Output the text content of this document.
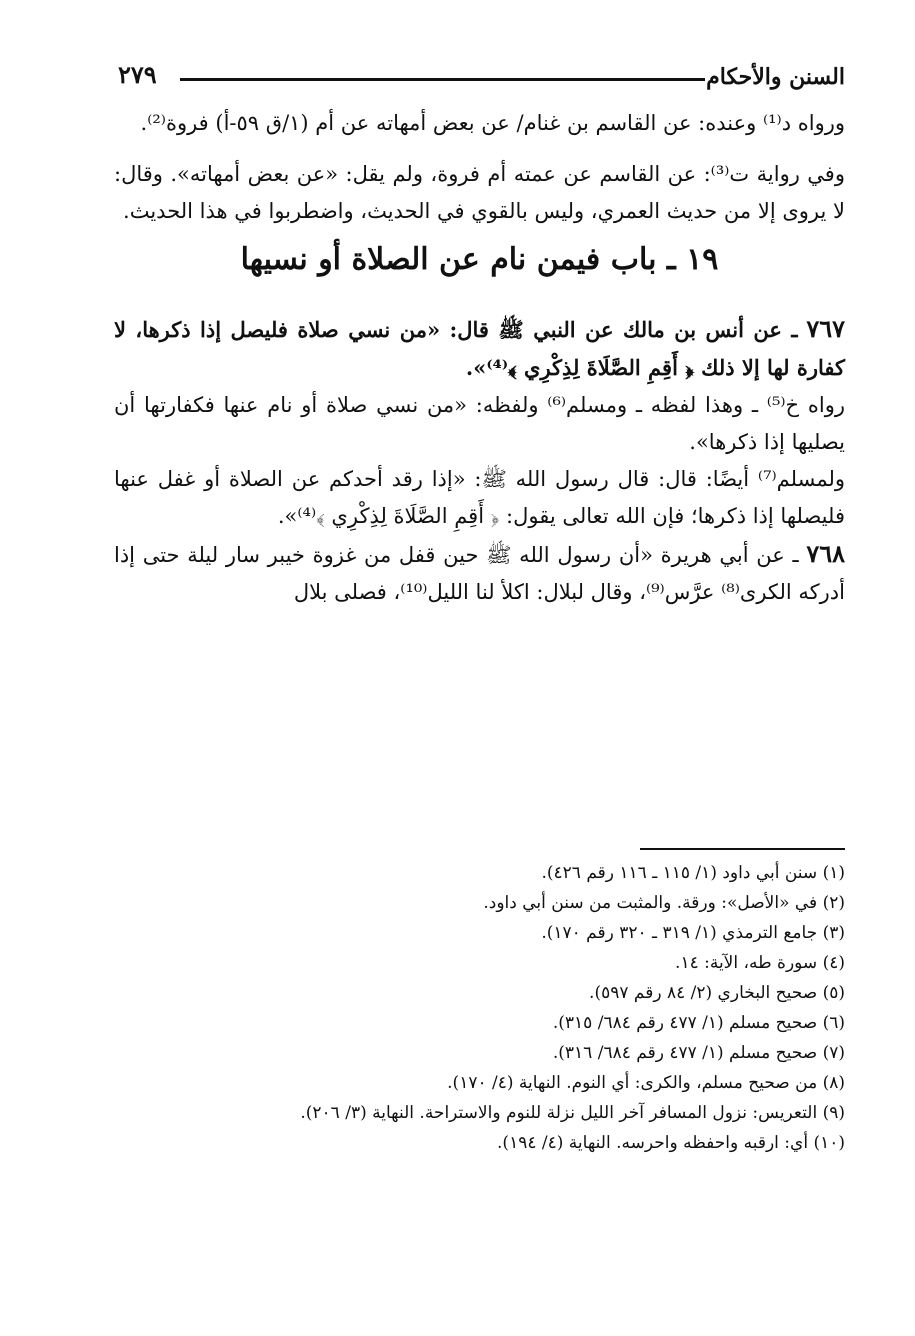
السنن والأحكام
٢٧٩

ورواه د⁽¹⁾ وعنده: عن القاسم بن غنام/ عن بعض أمهاته عن أم (١/ق ٥٩-أ) فروة⁽²⁾.

وفي رواية ت⁽³⁾: عن القاسم عن عمته أم فروة، ولم يقل: «عن بعض أمهاته». وقال: لا يروى إلا من حديث العمري، وليس بالقوي في الحديث، واضطربوا في هذا الحديث.

١٩ ـ باب فيمن نام عن الصلاة أو نسيها

٧٦٧ ـ عن أنس بن مالك عن النبي ﷺ قال: «من نسي صلاة فليصل إذا ذكرها، لا كفارة لها إلا ذلك ﴿ أَقِمِ الصَّلَاةَ لِذِكْرِي ﴾⁽⁴⁾».

رواه خ⁽⁵⁾ ـ وهذا لفظه ـ ومسلم⁽⁶⁾ ولفظه: «من نسي صلاة أو نام عنها فكفارتها أن يصليها إذا ذكرها».

ولمسلم⁽⁷⁾ أيضًا: قال: قال رسول الله ﷺ: «إذا رقد أحدكم عن الصلاة أو غفل عنها فليصلها إذا ذكرها؛ فإن الله تعالى يقول: ﴿ أَقِمِ الصَّلَاةَ لِذِكْرِي ﴾⁽⁴⁾».

٧٦٨ ـ عن أبي هريرة «أن رسول الله ﷺ حين قفل من غزوة خيبر سار ليلة حتى إذا أدركه الكرى⁽⁸⁾ عرَّس⁽⁹⁾، وقال لبلال: اكلأ لنا الليل⁽¹⁰⁾، فصلى بلال

(١) سنن أبي داود (١/ ١١٥ ـ ١١٦ رقم ٤٢٦).
(٢) في «الأصل»: ورقة. والمثبت من سنن أبي داود.
(٣) جامع الترمذي (١/ ٣١٩ ـ ٣٢٠ رقم ١٧٠).
(٤) سورة طه، الآية: ١٤.
(٥) صحيح البخاري (٢/ ٨٤ رقم ٥٩٧).
(٦) صحيح مسلم (١/ ٤٧٧ رقم ٦٨٤/ ٣١٥).
(٧) صحيح مسلم (١/ ٤٧٧ رقم ٦٨٤/ ٣١٦).
(٨) من صحيح مسلم، والكرى: أي النوم. النهاية (٤/ ١٧٠).
(٩) التعريس: نزول المسافر آخر الليل نزلة للنوم والاستراحة. النهاية (٣/ ٢٠٦).
(١٠) أي: ارقبه واحفظه واحرسه. النهاية (٤/ ١٩٤).
